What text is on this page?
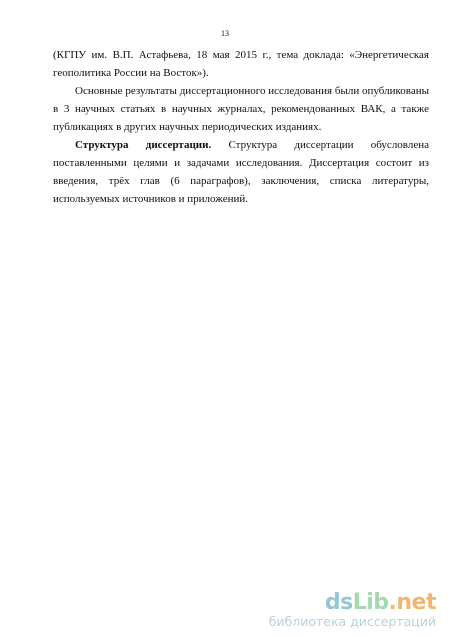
13

(КГПУ им. В.П. Астафьева, 18 мая 2015 г., тема доклада: «Энергетическая геополитика России на Восток»).

Основные результаты диссертационного исследования были опубликованы в 3 научных статьях в научных журналах, рекомендованных ВАК, а также публикациях в других научных периодических изданиях.

Структура диссертации. Структура диссертации обусловлена поставленными целями и задачами исследования. Диссертация состоит из введения, трёх глав (6 параграфов), заключения, списка литературы, используемых источников и приложений.

dsLib.net
библиотека диссертаций
